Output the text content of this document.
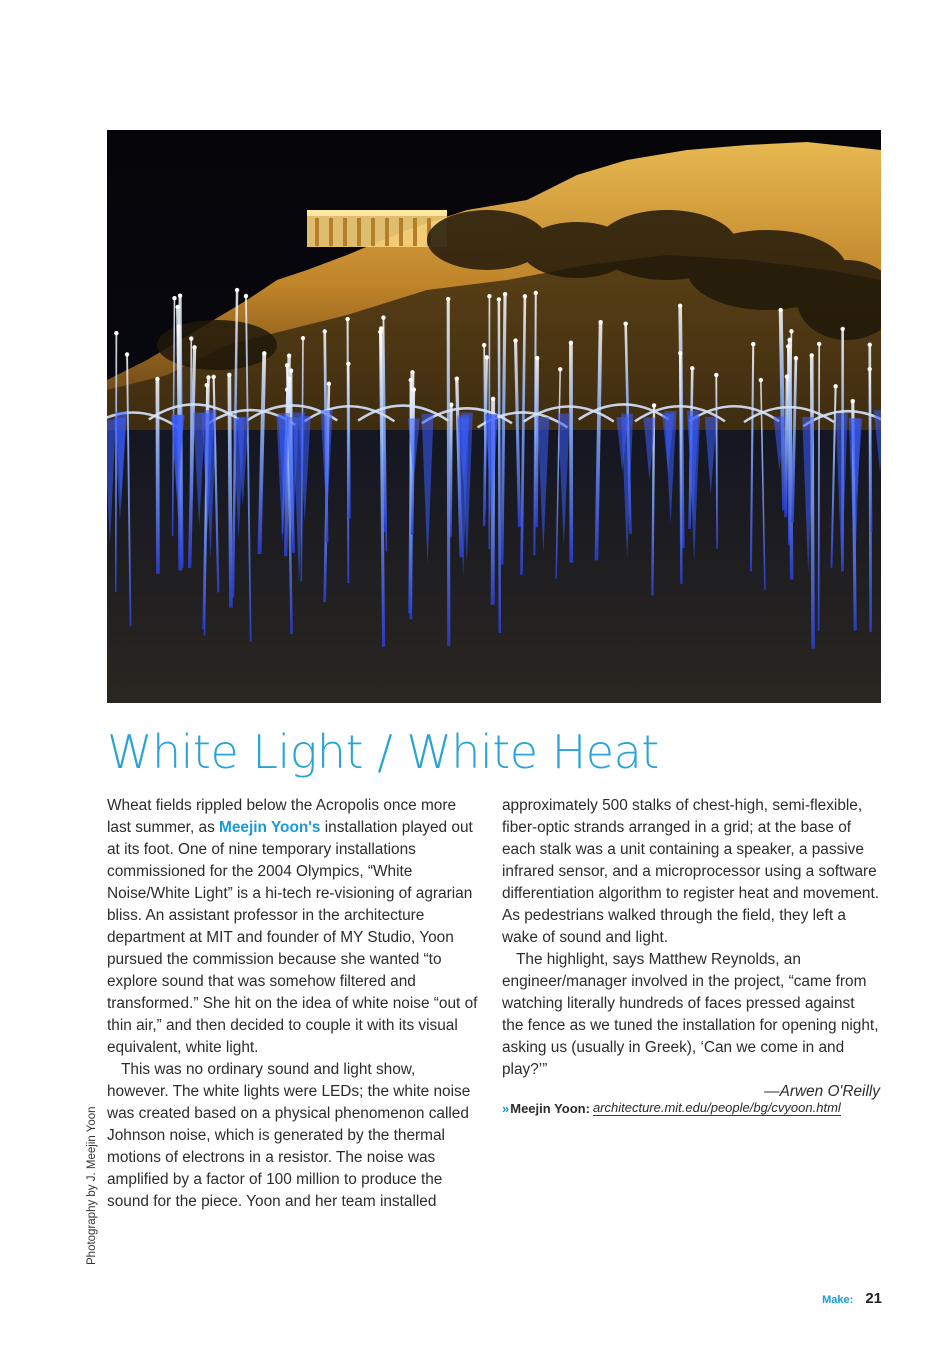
White Light / White Heat

Wheat fields rippled below the Acropolis once more last summer, as Meejin Yoon's installation played out at its foot. One of nine temporary installations commissioned for the 2004 Olympics, “White Noise/White Light” is a hi-tech re-visioning of agrarian bliss. An assistant professor in the architecture department at MIT and founder of MY Studio, Yoon pursued the commission because she wanted “to explore sound that was somehow filtered and transformed.” She hit on the idea of white noise “out of thin air,” and then decided to couple it with its visual equivalent, white light.

This was no ordinary sound and light show, however. The white lights were LEDs; the white noise was created based on a physical phenomenon called Johnson noise, which is generated by the thermal motions of electrons in a resistor. The noise was amplified by a factor of 100 million to produce the sound for the piece. Yoon and her team installed

approximately 500 stalks of chest-high, semi-flexible, fiber-optic strands arranged in a grid; at the base of each stalk was a unit containing a speaker, a passive infrared sensor, and a microprocessor using a software differentiation algorithm to register heat and movement. As pedestrians walked through the field, they left a wake of sound and light.

The highlight, says Matthew Reynolds, an engineer/manager involved in the project, “came from watching literally hundreds of faces pressed against the fence as we tuned the installation for opening night, asking us (usually in Greek), ‘Can we come in and play?’”

—Arwen O'Reilly
» Meejin Yoon: architecture.mit.edu/people/bg/cvyoon.html
Photography by J. Meejin Yoon
Make: 21
